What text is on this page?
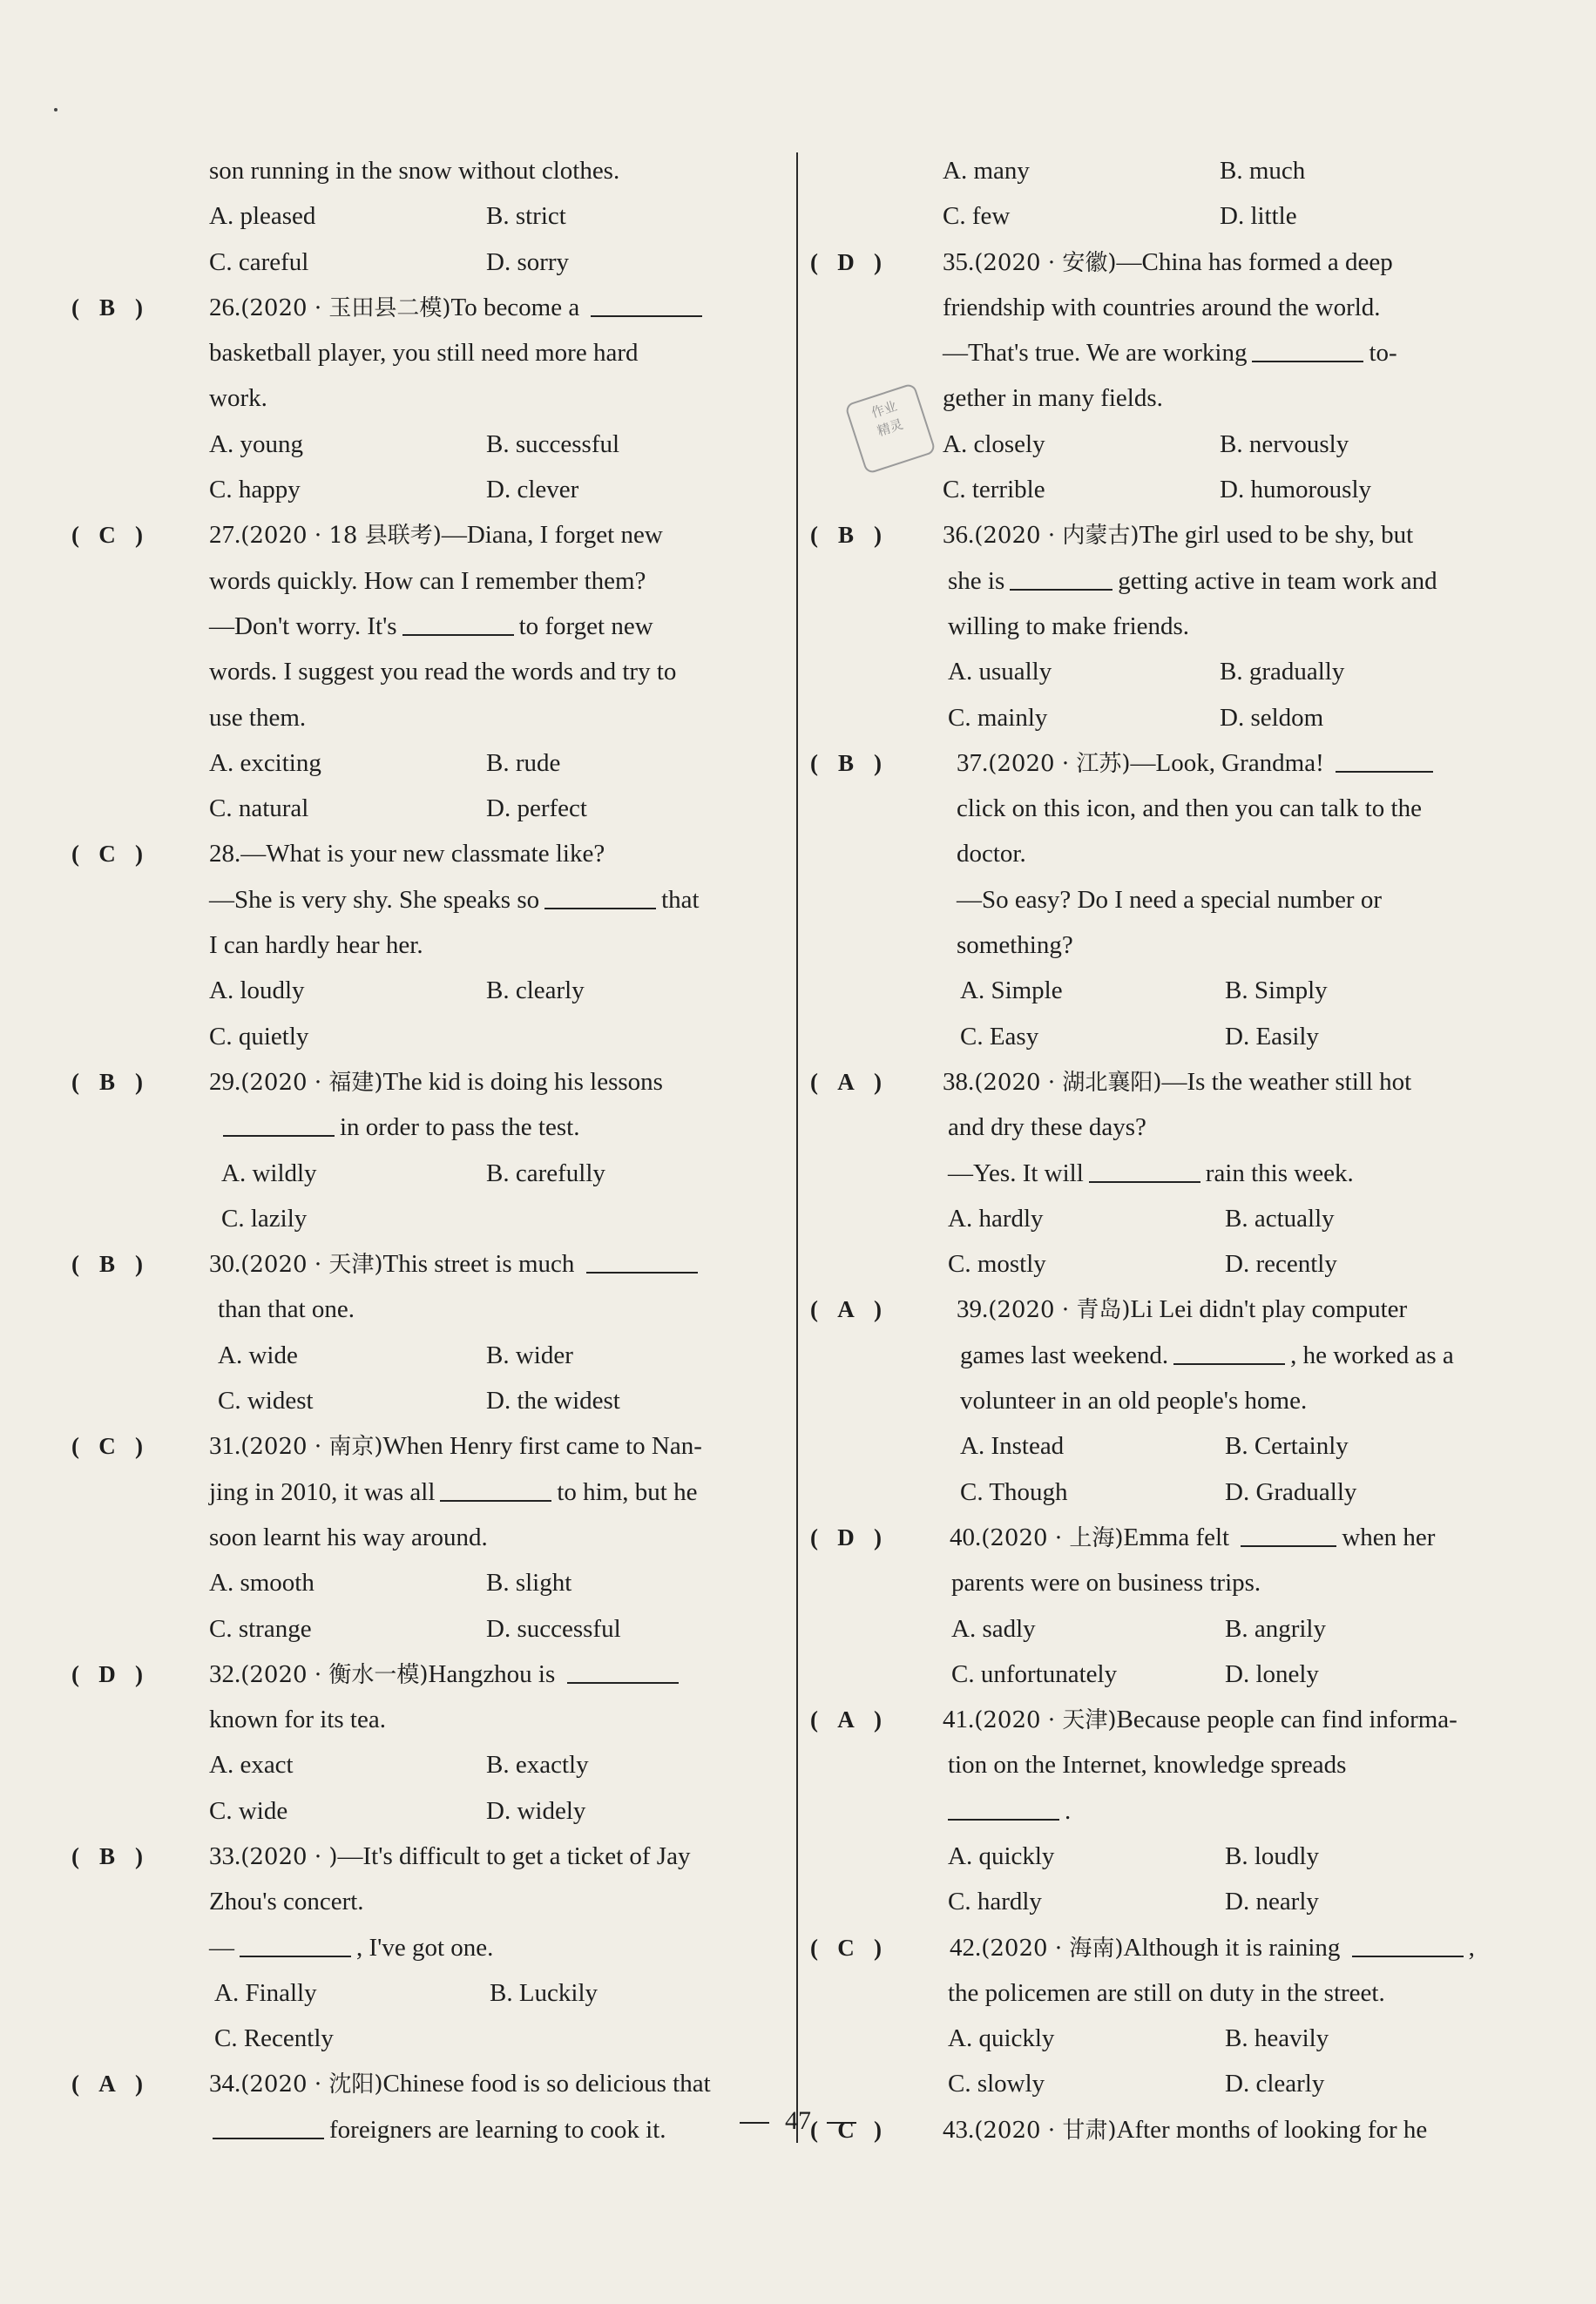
son running in the snow without clothes.
A. pleased	B. strict
C. careful	D. sorry
( B )	26.(2020 · 玉田县二模)To become a
basketball player, you still need more hard
work.
A. young	B. successful
C. happy	D. clever
( C )	27.(2020 · 18 县联考)—Diana, I forget new
words quickly. How can I remember them?
—Don't worry. It's	to forget new
words. I suggest you read the words and try to
use them.
A. exciting	B. rude
C. natural	D. perfect
( C )	28.—What is your new classmate like?
—She is very shy. She speaks so	that
I can hardly hear her.
A. loudly	B. clearly
C. quietly
( B )	29.(2020 · 福建)The kid is doing his lessons
in order to pass the test.
A. wildly	B. carefully
C. lazily
( B )	30.(2020 · 天津)This street is much
than that one.
A. wide	B. wider
C. widest	D. the widest
( C )	31.(2020 · 南京)When Henry first came to Nan-
jing in 2010, it was all	to him, but he
soon learnt his way around.
A. smooth	B. slight
C. strange	D. successful
( D )	32.(2020 · 衡水一模)Hangzhou is
known for its tea.
A. exact	B. exactly
C. wide	D. widely
( B )	33.(2020 · )—It's difficult to get a ticket of Jay
Zhou's concert.
—	, I've got one.
A. Finally	B. Luckily
C. Recently
( A )	34.(2020 · 沈阳)Chinese food is so delicious that
foreigners are learning to cook it.
A. many	B. much
C. few	D. little
( D ) 35.(2020 · 安徽)—China has formed a deep
friendship with countries around the world.
—That's true. We are working	to-
gether in many fields.
A. closely	B. nervously
C. terrible	D. humorously
( B ) 36.(2020 · 内蒙古)The girl used to be shy, but
she is	getting active in team work and
willing to make friends.
A. usually	B. gradually
C. mainly	D. seldom
( B )	37.(2020 · 江苏)—Look, Grandma!
click on this icon, and then you can talk to the
doctor.
—So easy? Do I need a special number or
something?
A. Simple	B. Simply
C. Easy	D. Easily
( A ) 38.(2020 · 湖北襄阳)—Is the weather still hot
and dry these days?
—Yes. It will	rain this week.
A. hardly	B. actually
C. mostly	D. recently
( A )	39.(2020 · 青岛)Li Lei didn't play computer
games last weekend.	, he worked as a
volunteer in an old people's home.
A. Instead	B. Certainly
C. Though	D. Gradually
( D )	40.(2020 · 上海)Emma felt	when her
parents were on business trips.
A. sadly	B. angrily
C. unfortunately	D. lonely
( A ) 41.(2020 · 天津)Because people can find informa-
tion on the Internet, knowledge spreads
.
A. quickly	B. loudly
C. hardly	D. nearly
( C )	42.(2020 · 海南)Although it is raining	,
the policemen are still on duty in the street.
A. quickly	B. heavily
C. slowly	D. clearly
( C ) 43.(2020 · 甘肃)After months of looking for he
作业
精灵
47
